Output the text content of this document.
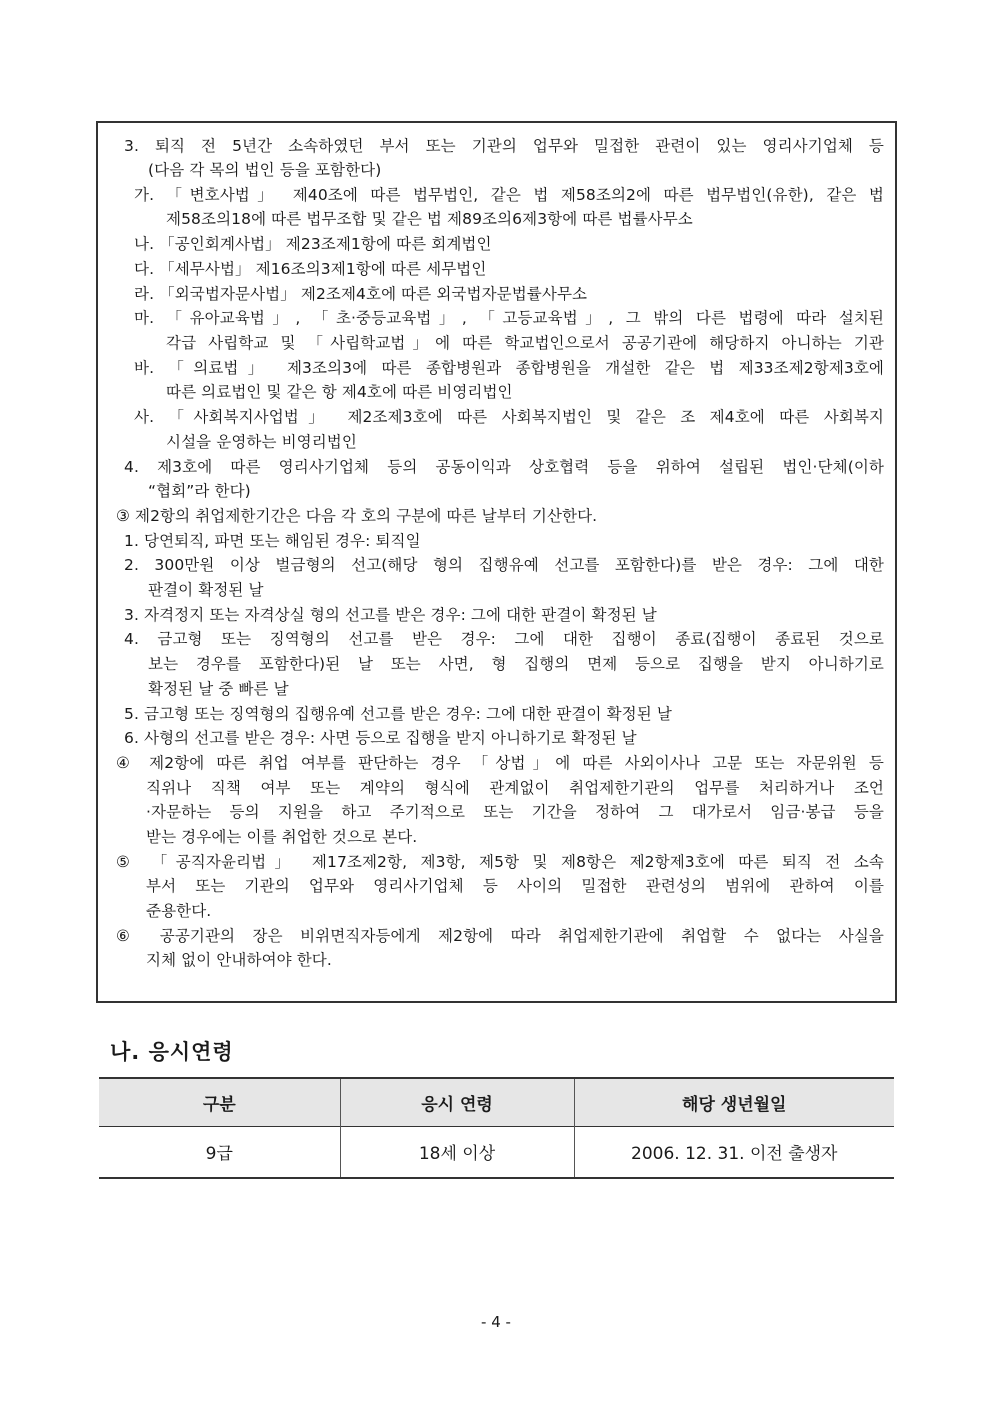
3. 퇴직 전 5년간 소속하였던 부서 또는 기관의 업무와 밀접한 관련이 있는 영리사기업체 등
(다음 각 목의 법인 등을 포함한다)
가. 「변호사법」 제40조에 따른 법무법인, 같은 법 제58조의2에 따른 법무법인(유한), 같은 법
제58조의18에 따른 법무조합 및 같은 법 제89조의6제3항에 따른 법률사무소
나. 「공인회계사법」 제23조제1항에 따른 회계법인
다. 「세무사법」 제16조의3제1항에 따른 세무법인
라. 「외국법자문사법」 제2조제4호에 따른 외국법자문법률사무소
마. 「유아교육법」, 「초·중등교육법」, 「고등교육법」, 그 밖의 다른 법령에 따라 설치된
각급 사립학교 및 「사립학교법」에 따른 학교법인으로서 공공기관에 해당하지 아니하는 기관
바. 「의료법」 제3조의3에 따른 종합병원과 종합병원을 개설한 같은 법 제33조제2항제3호에
따른 의료법인 및 같은 항 제4호에 따른 비영리법인
사. 「사회복지사업법」 제2조제3호에 따른 사회복지법인 및 같은 조 제4호에 따른 사회복지
시설을 운영하는 비영리법인
4. 제3호에 따른 영리사기업체 등의 공동이익과 상호협력 등을 위하여 설립된 법인·단체(이하
“협회”라 한다)
③ 제2항의 취업제한기간은 다음 각 호의 구분에 따른 날부터 기산한다.
1. 당연퇴직, 파면 또는 해임된 경우: 퇴직일
2. 300만원 이상 벌금형의 선고(해당 형의 집행유예 선고를 포함한다)를 받은 경우: 그에 대한
판결이 확정된 날
3. 자격정지 또는 자격상실 형의 선고를 받은 경우: 그에 대한 판결이 확정된 날
4. 금고형 또는 징역형의 선고를 받은 경우: 그에 대한 집행이 종료(집행이 종료된 것으로
보는 경우를 포함한다)된 날 또는 사면, 형 집행의 면제 등으로 집행을 받지 아니하기로
확정된 날 중 빠른 날
5. 금고형 또는 징역형의 집행유예 선고를 받은 경우: 그에 대한 판결이 확정된 날
6. 사형의 선고를 받은 경우: 사면 등으로 집행을 받지 아니하기로 확정된 날
④ 제2항에 따른 취업 여부를 판단하는 경우 「상법」에 따른 사외이사나 고문 또는 자문위원 등
직위나 직책 여부 또는 계약의 형식에 관계없이 취업제한기관의 업무를 처리하거나 조언
·자문하는 등의 지원을 하고 주기적으로 또는 기간을 정하여 그 대가로서 임금·봉급 등을
받는 경우에는 이를 취업한 것으로 본다.
⑤ 「공직자윤리법」 제17조제2항, 제3항, 제5항 및 제8항은 제2항제3호에 따른 퇴직 전 소속
부서 또는 기관의 업무와 영리사기업체 등 사이의 밀접한 관련성의 범위에 관하여 이를
준용한다.
⑥ 공공기관의 장은 비위면직자등에게 제2항에 따라 취업제한기관에 취업할 수 없다는 사실을
지체 없이 안내하여야 한다.
나. 응시연령
구분	응시 연령	해당 생년월일
9급	18세 이상	2006. 12. 31. 이전 출생자
- 4 -
